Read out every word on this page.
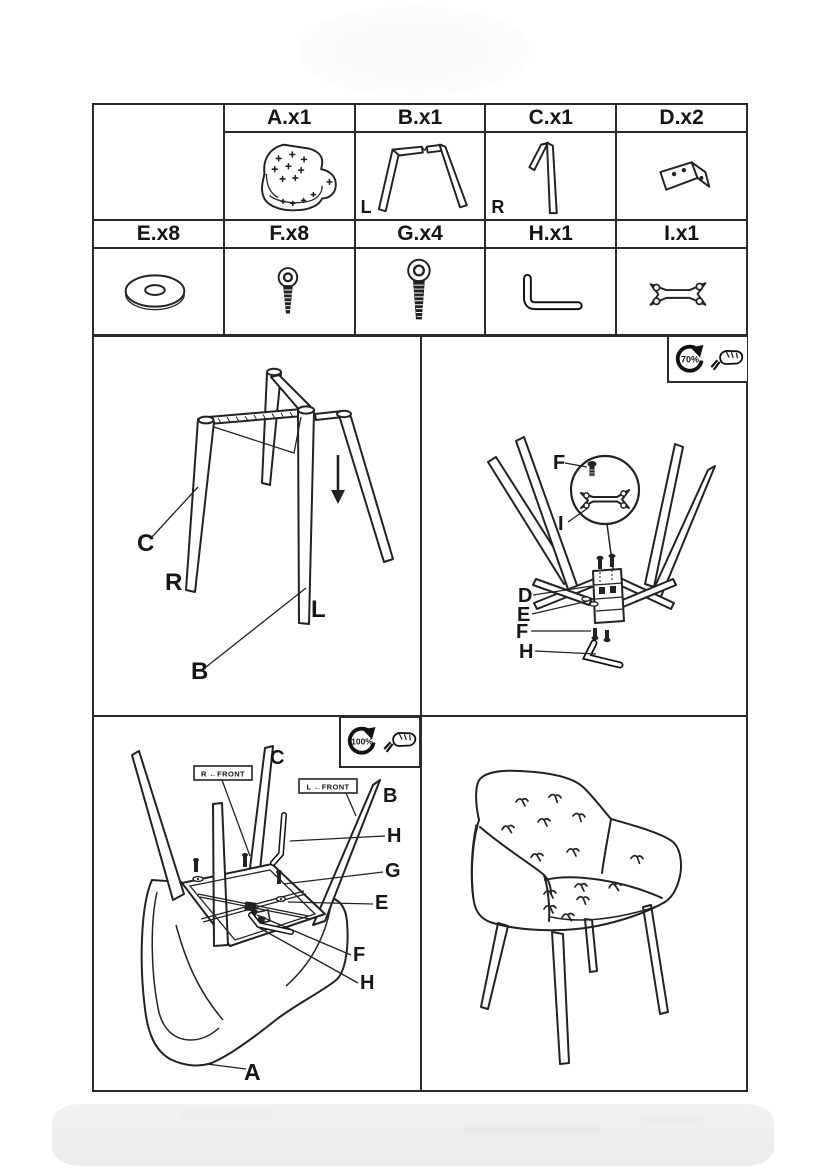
	A.x1	B.x1	C.x1	D.x2

L	R

E.x8	F.x8	G.x4	H.x1	I.x1

C
R
B
L
F
I
D
E
F
H
70%
R ←FRONT
L ←FRONT
C
B
H
G
E
F
H
A
100%
